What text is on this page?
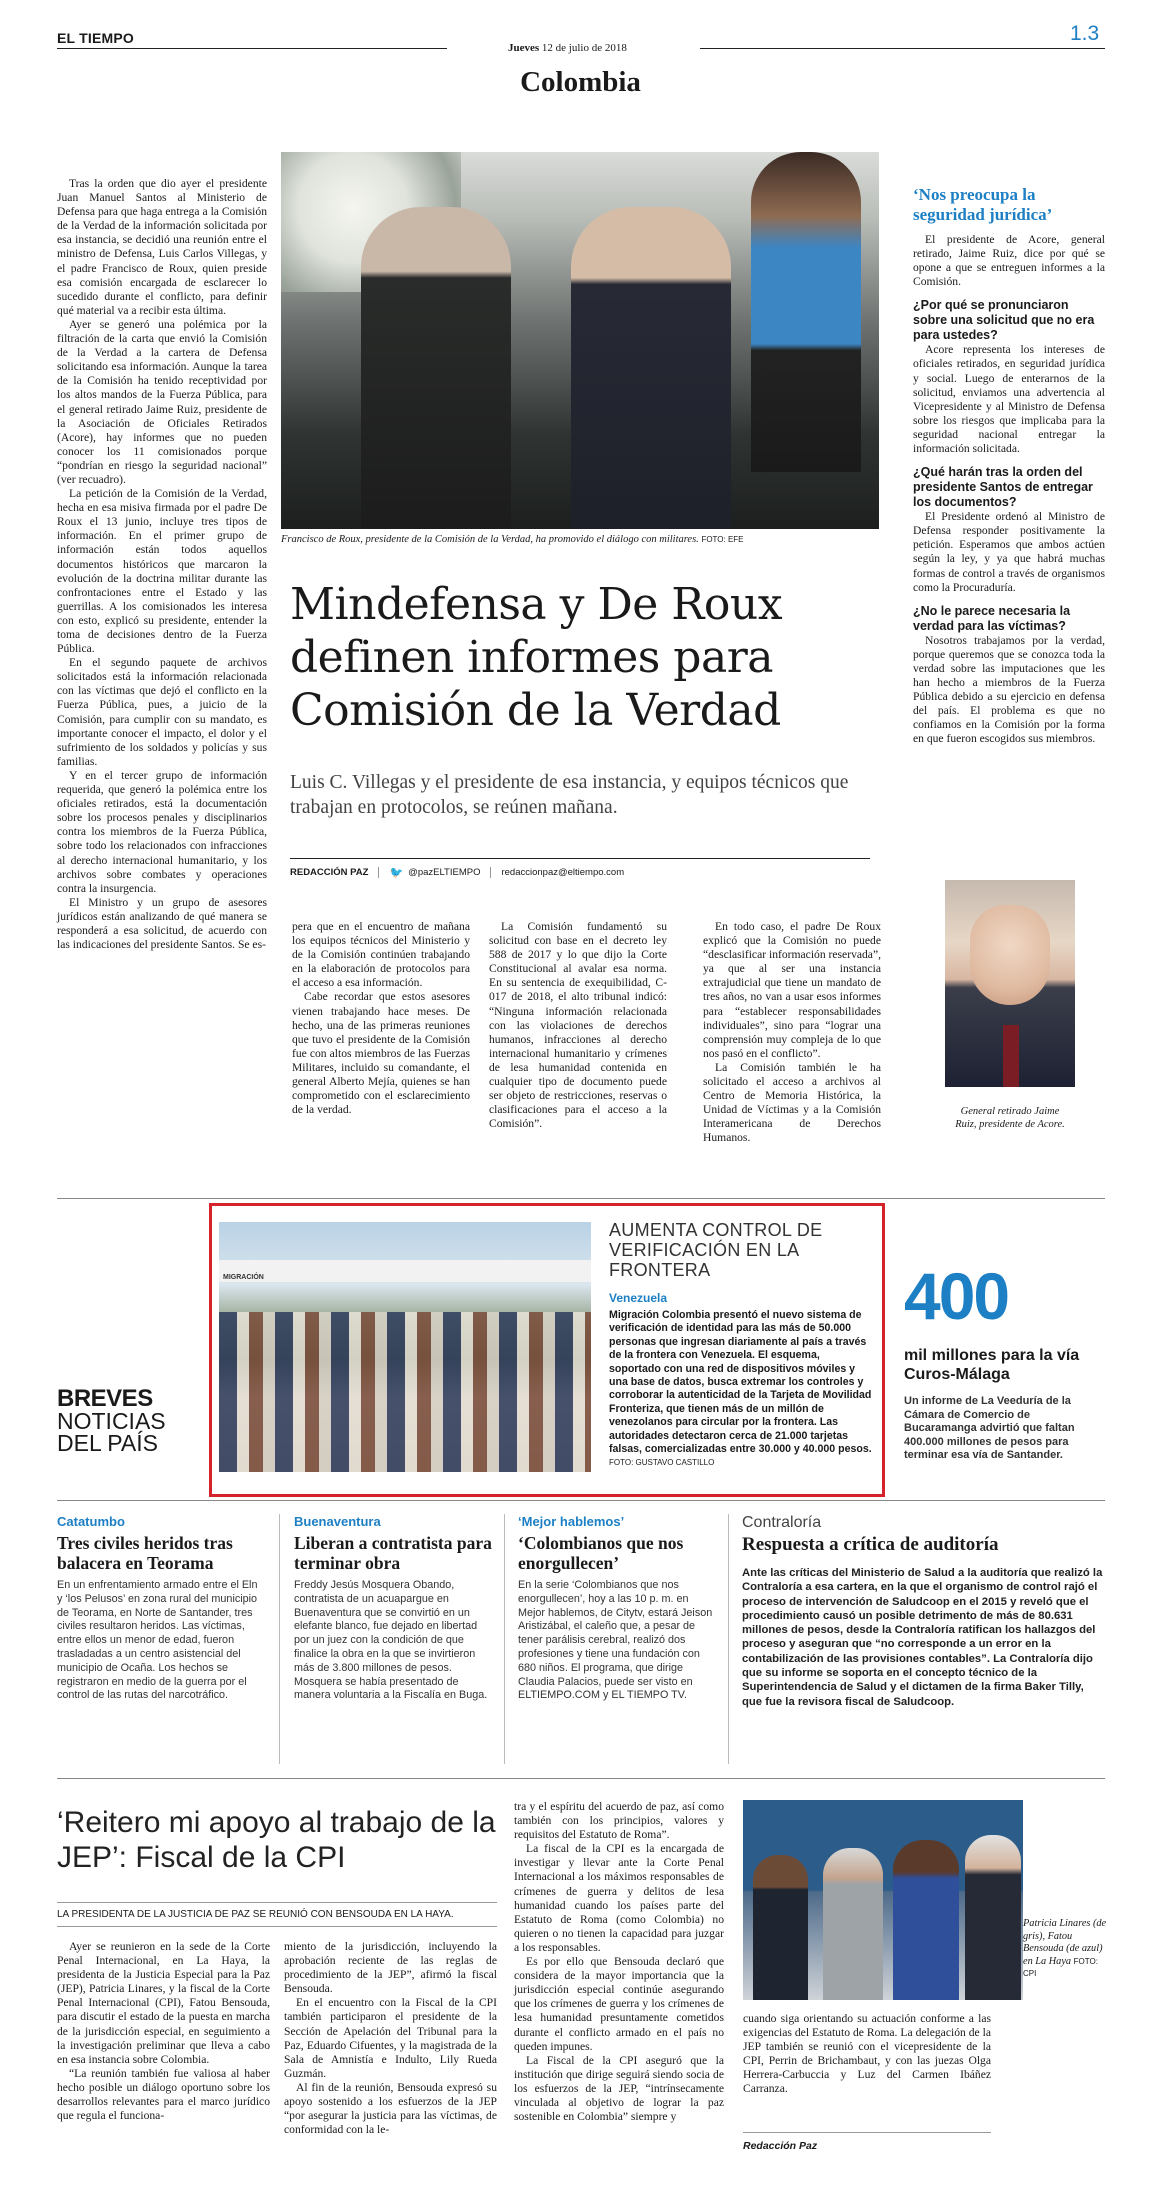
EL TIEMPO
Jueves 12 de julio de 2018
1.3
Colombia

Tras la orden que dio ayer el presidente Juan Manuel Santos al Ministerio de Defensa para que haga entrega a la Comisión de la Verdad de la información solicitada por esa instancia, se decidió una reunión entre el ministro de Defensa, Luis Carlos Villegas, y el padre Francisco de Roux, quien preside esa comisión encargada de esclarecer lo sucedido durante el conflicto, para definir qué material va a recibir esta última.

Ayer se generó una polémica por la filtración de la carta que envió la Comisión de la Verdad a la cartera de Defensa solicitando esa información. Aunque la tarea de la Comisión ha tenido receptividad por los altos mandos de la Fuerza Pública, para el general retirado Jaime Ruiz, presidente de la Asociación de Oficiales Retirados (Acore), hay informes que no pueden conocer los 11 comisionados porque “pondrían en riesgo la seguridad nacional” (ver recuadro).

La petición de la Comisión de la Verdad, hecha en esa misiva firmada por el padre De Roux el 13 junio, incluye tres tipos de información. En el primer grupo de información están todos aquellos documentos históricos que marcaron la evolución de la doctrina militar durante las confrontaciones entre el Estado y las guerrillas. A los comisionados les interesa con esto, explicó su presidente, entender la toma de decisiones dentro de la Fuerza Pública.

En el segundo paquete de archivos solicitados está la información relacionada con las víctimas que dejó el conflicto en la Fuerza Pública, pues, a juicio de la Comisión, para cumplir con su mandato, es importante conocer el impacto, el dolor y el sufrimiento de los soldados y policías y sus familias.

Y en el tercer grupo de información requerida, que generó la polémica entre los oficiales retirados, está la documentación sobre los procesos penales y disciplinarios contra los miembros de la Fuerza Pública, sobre todo los relacionados con infracciones al derecho internacional humanitario, y los archivos sobre combates y operaciones contra la insurgencia.

El Ministro y un grupo de asesores jurídicos están analizando de qué manera se responderá a esa solicitud, de acuerdo con las indicaciones del presidente Santos. Se es-

Francisco de Roux, presidente de la Comisión de la Verdad, ha promovido el diálogo con militares. FOTO: EFE
Mindefensa y De Roux definen informes para Comisión de la Verdad
Luis C. Villegas y el presidente de esa instancia, y equipos técnicos que trabajan en protocolos, se reúnen mañana.
REDACCIÓN PAZ	🐦 @pazELTIEMPO	redaccionpaz@eltiempo.com

pera que en el encuentro de mañana los equipos técnicos del Ministerio y de la Comisión continúen trabajando en la elaboración de protocolos para el acceso a esa información.

Cabe recordar que estos asesores vienen trabajando hace meses. De hecho, una de las primeras reuniones que tuvo el presidente de la Comisión fue con altos miembros de las Fuerzas Militares, incluido su comandante, el general Alberto Mejía, quienes se han comprometido con el esclarecimiento de la verdad.

La Comisión fundamentó su solicitud con base en el decreto ley 588 de 2017 y lo que dijo la Corte Constitucional al avalar esa norma. En su sentencia de exequibilidad, C-017 de 2018, el alto tribunal indicó: “Ninguna información relacionada con las violaciones de derechos humanos, infracciones al derecho internacional humanitario y crímenes de lesa humanidad contenida en cualquier tipo de documento puede ser objeto de restricciones, reservas o clasificaciones para el acceso a la Comisión”.

En todo caso, el padre De Roux explicó que la Comisión no puede “desclasificar información reservada”, ya que al ser una instancia extrajudicial que tiene un mandato de tres años, no van a usar esos informes para “establecer responsabilidades individuales”, sino para “lograr una comprensión muy compleja de lo que nos pasó en el conflicto”.

La Comisión también le ha solicitado el acceso a archivos al Centro de Memoria Histórica, la Unidad de Víctimas y a la Comisión Interamericana de Derechos Humanos.

‘Nos preocupa la seguridad jurídica’

El presidente de Acore, general retirado, Jaime Ruiz, dice por qué se opone a que se entreguen informes a la Comisión.

¿Por qué se pronunciaron sobre una solicitud que no era para ustedes?

Acore representa los intereses de oficiales retirados, en seguridad jurídica y social. Luego de enterarnos de la solicitud, enviamos una advertencia al Vicepresidente y al Ministro de Defensa sobre los riesgos que implicaba para la seguridad nacional entregar la información solicitada.

¿Qué harán tras la orden del presidente Santos de entregar los documentos?

El Presidente ordenó al Ministro de Defensa responder positivamente la petición. Esperamos que ambos actúen según la ley, y ya que habrá muchas formas de control a través de organismos como la Procuraduría.

¿No le parece necesaria la verdad para las víctimas?

Nosotros trabajamos por la verdad, porque queremos que se conozca toda la verdad sobre las imputaciones que les han hecho a miembros de la Fuerza Pública debido a su ejercicio en defensa del país. El problema es que no confiamos en la Comisión por la forma en que fueron escogidos sus miembros.

General retirado Jaime Ruiz, presidente de Acore.
BREVES
NOTICIAS
DEL PAÍS
MIGRACIÓN
AUMENTA CONTROL DE VERIFICACIÓN EN LA FRONTERA
Venezuela
Migración Colombia presentó el nuevo sistema de verificación de identidad para las más de 50.000 personas que ingresan diariamente al país a través de la frontera con Venezuela. El esquema, soportado con una red de dispositivos móviles y una base de datos, busca extremar los controles y corroborar la autenticidad de la Tarjeta de Movilidad Fronteriza, que tienen más de un millón de venezolanos para circular por la frontera. Las autoridades detectaron cerca de 21.000 tarjetas falsas, comercializadas entre 30.000 y 40.000 pesos. FOTO: GUSTAVO CASTILLO
400
mil millones para la vía Curos-Málaga
Un informe de La Veeduría de la Cámara de Comercio de Bucaramanga advirtió que faltan 400.000 millones de pesos para terminar esa vía de Santander.
Catatumbo
Tres civiles heridos tras balacera en Teorama
En un enfrentamiento armado entre el Eln y ‘los Pelusos’ en zona rural del municipio de Teorama, en Norte de Santander, tres civiles resultaron heridos. Las víctimas, entre ellos un menor de edad, fueron trasladadas a un centro asistencial del municipio de Ocaña. Los hechos se registraron en medio de la guerra por el control de las rutas del narcotráfico.
Buenaventura
Liberan a contratista para terminar obra
Freddy Jesús Mosquera Obando, contratista de un acuapargue en Buenaventura que se convirtió en un elefante blanco, fue dejado en libertad por un juez con la condición de que finalice la obra en la que se invirtieron más de 3.800 millones de pesos. Mosquera se había presentado de manera voluntaria a la Fiscalía en Buga.
‘Mejor hablemos’
‘Colombianos que nos enorgullecen’
En la serie ‘Colombianos que nos enorgullecen’, hoy a las 10 p. m. en Mejor hablemos, de Citytv, estará Jeison Aristizábal, el caleño que, a pesar de tener parálisis cerebral, realizó dos profesiones y tiene una fundación con 680 niños. El programa, que dirige Claudia Palacios, puede ser visto en ELTIEMPO.COM y EL TIEMPO TV.
Contraloría
Respuesta a crítica de auditoría
Ante las críticas del Ministerio de Salud a la auditoría que realizó la Contraloría a esa cartera, en la que el organismo de control rajó el proceso de intervención de Saludcoop en el 2015 y reveló que el procedimiento causó un posible detrimento de más de 80.631 millones de pesos, desde la Contraloría ratifican los hallazgos del proceso y aseguran que “no corresponde a un error en la contabilización de las provisiones contables”. La Contraloría dijo que su informe se soporta en el concepto técnico de la Superintendencia de Salud y el dictamen de la firma Baker Tilly, que fue la revisora fiscal de Saludcoop.
‘Reitero mi apoyo al trabajo de la JEP’: Fiscal de la CPI
LA PRESIDENTA DE LA JUSTICIA DE PAZ SE REUNIÓ CON BENSOUDA EN LA HAYA.

Ayer se reunieron en la sede de la Corte Penal Internacional, en La Haya, la presidenta de la Justicia Especial para la Paz (JEP), Patricia Linares, y la fiscal de la Corte Penal Internacional (CPI), Fatou Bensouda, para discutir el estado de la puesta en marcha de la jurisdicción especial, en seguimiento a la investigación preliminar que lleva a cabo en esa instancia sobre Colombia.

“La reunión también fue valiosa al haber hecho posible un diálogo oportuno sobre los desarrollos relevantes para el marco jurídico que regula el funciona-

miento de la jurisdicción, incluyendo la aprobación reciente de las reglas de procedimiento de la JEP”, afirmó la fiscal Bensouda.

En el encuentro con la Fiscal de la CPI también participaron el presidente de la Sección de Apelación del Tribunal para la Paz, Eduardo Cifuentes, y la magistrada de la Sala de Amnistía e Indulto, Lily Rueda Guzmán.

Al fin de la reunión, Bensouda expresó su apoyo sostenido a los esfuerzos de la JEP “por asegurar la justicia para las víctimas, de conformidad con la le-

tra y el espíritu del acuerdo de paz, así como también con los principios, valores y requisitos del Estatuto de Roma”.

La fiscal de la CPI es la encargada de investigar y llevar ante la Corte Penal Internacional a los máximos responsables de crímenes de guerra y delitos de lesa humanidad cuando los países parte del Estatuto de Roma (como Colombia) no quieren o no tienen la capacidad para juzgar a los responsables.

Es por ello que Bensouda declaró que considera de la mayor importancia que la jurisdicción especial continúe asegurando que los crímenes de guerra y los crímenes de lesa humanidad presuntamente cometidos durante el conflicto armado en el país no queden impunes.

La Fiscal de la CPI aseguró que la institución que dirige seguirá siendo socia de los esfuerzos de la JEP, “intrínsecamente vinculada al objetivo de lograr la paz sostenible en Colombia” siempre y

Patricia Linares (de gris), Fatou Bensouda (de azul) en La Haya FOTO: CPI

cuando siga orientando su actuación conforme a las exigencias del Estatuto de Roma. La delegación de la JEP también se reunió con el vicepresidente de la CPI, Perrin de Brichambaut, y con las juezas Olga Herrera-Carbuccia y Luz del Carmen Ibáñez Carranza.

Redacción Paz
